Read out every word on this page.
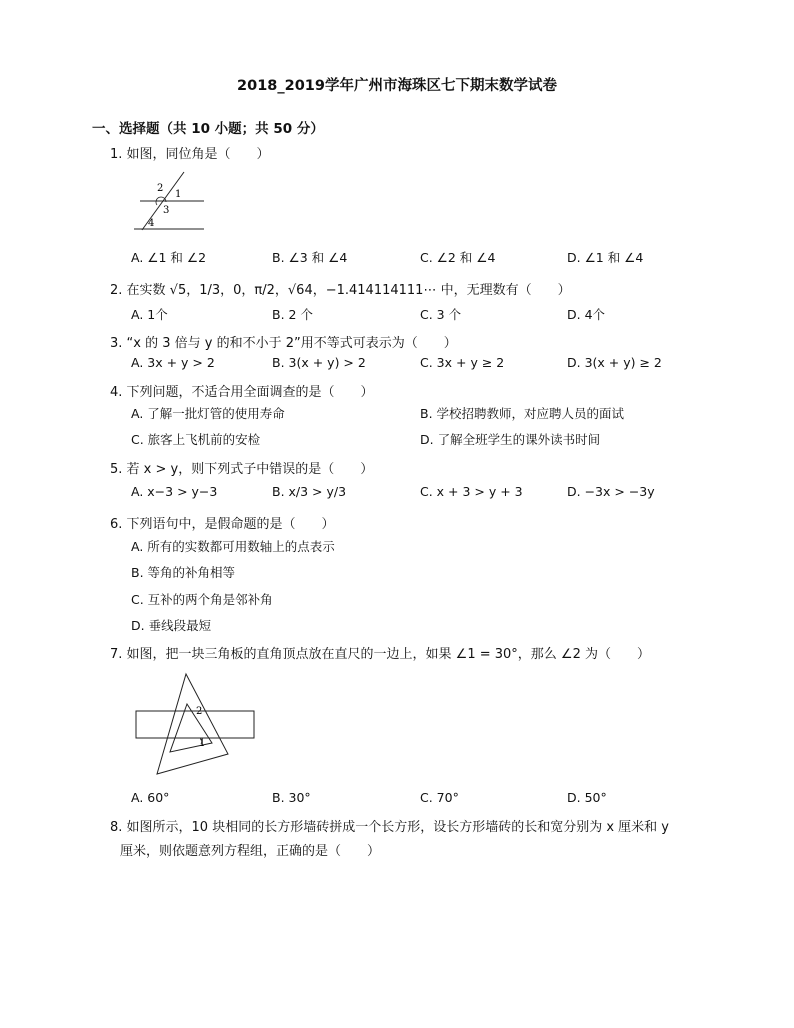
2018_2019学年广州市海珠区七下期末数学试卷
一、选择题（共 10 小题；共 50 分）
1. 如图，同位角是（　　）
2
1
3
4
A. ∠1 和 ∠2	B. ∠3 和 ∠4	C. ∠2 和 ∠4	D. ∠1 和 ∠4
2. 在实数 √5，1/3，0，π/2，√64，−1.414114111⋯ 中，无理数有（　　）
A. 1个	B. 2 个	C. 3 个	D. 4个
3. “x 的 3 倍与 y 的和不小于 2”用不等式可表示为（　　）
A. 3x + y > 2	B. 3(x + y) > 2	C. 3x + y ≥ 2	D. 3(x + y) ≥ 2
4. 下列问题，不适合用全面调查的是（　　）
A. 了解一批灯管的使用寿命	B. 学校招聘教师，对应聘人员的面试
C. 旅客上飞机前的安检	D. 了解全班学生的课外读书时间
5. 若 x > y，则下列式子中错误的是（　　）
A. x−3 > y−3	B. x/3 > y/3	C. x + 3 > y + 3	D. −3x > −3y
6. 下列语句中，是假命题的是（　　）
A. 所有的实数都可用数轴上的点表示
B. 等角的补角相等
C. 互补的两个角是邻补角
D. 垂线段最短
7. 如图，把一块三角板的直角顶点放在直尺的一边上，如果 ∠1 = 30°，那么 ∠2 为（　　）
2
1
A. 60°	B. 30°	C. 70°	D. 50°
8. 如图所示，10 块相同的长方形墙砖拼成一个长方形，设长方形墙砖的长和宽分别为 x 厘米和 y
厘米，则依题意列方程组，正确的是（　　）
